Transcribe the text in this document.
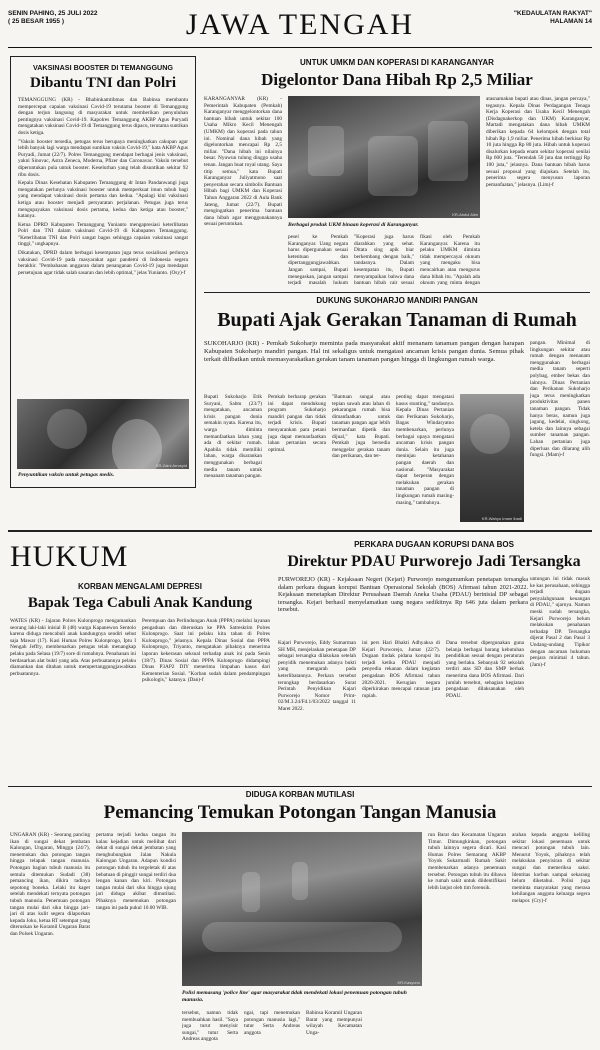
SENIN PAHING, 25 JULI 2022
( 25 BESAR 1955 )	JAWA TENGAH	"KEDAULATAN RAKYAT"
HALAMAN 14
VAKSINASI BOOSTER DI TEMANGGUNG
Dibantu TNI dan Polri

TEMANGGUNG (KR) - Bhabinkamtibmas dan Babinsa membantu mempercepat capaian vaksinasi Covid-19 terutama booster di Temanggung dengan terjun langsung di masyarakat untuk memberikan penyuluhan pentingnya vaksinasi Covid-19. Kapolres Temanggung AKBP Agus Puryadi mengatakan vaksinasi Covid-19 di Temanggung terus dipacu, terutama suntikan dosis ketiga.

"Vaksin booster tersedia, petugas terus berupaya meningkatkan cakupan agar lebih banyak lagi warga mendapat suntikan vaksin Covid-19," kata AKBP Agus Puryadi, Jumat (22/7). Polres Temanggung mendapat berbagai jenis vaksinasi, yakni Sinovac, Astra Zeneca, Moderna, Pfizer dan Coronavac. Vaksin tersebut diperuntukan pula untuk booster. Keselurhan yang telah disuntikan sekitar 92 ribu dosis.

Kepala Dinas Kesehatan Kabupaten Temanggung dr Intan Pandanwangi juga mengatakan perlunya vaksinasi booster untuk memperkuat imun tubuh bagi yang mendapat vaksinasi dosis pertama dan kedua. "Apalagi kini vaksinasi ketiga atau booster menjadi persyaratan perjalanan. Petugas juga terus mengupayakan vaksinasi dosis pertama, kedua dan ketiga atau booster," katanya.

Ketua DPRD Kabupaten Temanggung Yunianto mengapresiasi keterlibatan Polri dan TNI dalam vaksinasi Covid-19 di Kabupaten Temanggung. "Keterlibatan TNI dan Polri sangat bagus sehingga capaian vaksinasi sangat tinggi," ungkapnya.

Dikatakan, DPRD dalam berbagai kesempatan juga terus sosialisasi perlunya vaksinasi Covid-19 pada masyarakat agar pandemi di Indonesia segera berakhir. "Pembahasan anggaran dalam penanganan Covid-19 juga mendapat persetujuan agar tidak salah sasaran dan lebih optimal," jelas Yunianto. (Osy)-f

KR-Zaini Arrosyid
Penyuntikan vaksin untuk petugas medis.
UNTUK UMKM DAN KOPERASI DI KARANGANYAR
Digelontor Dana Hibah Rp 2,5 Miliar

KARANGANYAR (KR) - Pemerintah Kabupaten (Pemkab) Karanganyar menggelontorkan dana bantuan hibah untuk sekitar 100 Usaha Mikro Kecil Menengah (UMKM) dan koperasi pada tahun ini. Nominal dana hibah yang digelontorkan mencapai Rp 2,5 miliar. "Dana hibah ini nilainya besar. Nyuwun tulung dinggo usaha tenan. Jangan buat royal utang. Saya titip semua," kata Bupati Karanganyar Juliyatmono saat penyerahan secara simbolis Bantuan Hibah bagi UMKM dan Koperasi Tahun Anggaran 2022 di Aula Bank Jateng, Jumat (22/7). Bupati mengingatkan penerima bantuan dana hibah agar menggunakannya sesuai peruntukan.

KR-Abdul Alim
Berbagai produk UKM binaan koperasi di Karanganyar.

pesel ke Pemkab Karanganyar. Uang negara harus dipergunakan sesuai ketentuan dan dipertanggungjawabkan. Jangan sampai, Bupati menegaskan, jangan sampai terjadi masalah hukum

"Koperasi juga harus diarahkan yang sehat. Ditata sing apik biar berkembang dengan baik," tandasnya. Dalam kesempatan itu, Bupati menyampaikan bahwa dana bantuan hibah cair sesuai

fikasi oleh Pemkab Karanganyar. Karena itu pelaku UMKM diminta tidak mempercayai oknum yang mengaku bisa mencairkan atau mengurus dana hibah itu. "Apalah ada oknum yang minta dengan

atasnamakan bupati atau dinas, jangan percaya," tegasnya. Kepala Dinas Perdagangan Tenaga Kerja Koperasi dan Usaha Kecil Menengah (Disdagnakerkop dan UKM) Karanganyar, Martadi mengatakan dana hibah UMKM diberikan kepada 64 kelompok dengan total hibah Rp 1,9 miliar. Penerima hibah berkisar Rp 10 juta hingga Rp 80 juta. Hibah untuk koperasi disalurkan kepada enam sekitar koperasi senilai Rp 600 juta. "Terendah 50 juta dan tertinggi Rp 100 juta," jelasnya. Dana bantuan hibah harus sesuai proposal yang diajukan. Setelah itu, penerima segera menyusun laporan pemanfaatan," jelasnya. (Lim)-f

DUKUNG SUKOHARJO MANDIRI PANGAN
Bupati Ajak Gerakan Tanaman di Rumah

SUKOHARJO (KR) - Pemkab Sukoharjo meminta pada masyarakat aktif menanam tanaman pangan dengan harapan Kabupaten Sukoharjo mandiri pangan. Hal ini sekaligus untuk mengatasi ancaman krisis pangan dunia. Semua pihak terkait dilibatkan untuk memasyarakatkan gerakan tanam tanaman pangan hingga di lingkungan rumah warga.

Bupati Sukoharjo Etik Suryani, Sabtu (23/7) mengatakan, ancaman krisis pangan dunia semakin nyata. Karena itu, warga diminta memanfaatkan lahan yang ada di sekitar rumah. Apabila tidak memiliki lahan, warga disarankan menggunakan berbagai media tanam untuk menanam tanaman pangan.

Pemkab berharap gerakan ini dapat mendukung program Sukoharjo mandiri pangan dan tidak terjadi krisis. Bupati menyarankan para petani juga dapat memanfaatkan lahan pertanian secara optimal.

"Bantuan sungai atau tepian sawah atau lahan di pekarangan rumah bisa dimanfaatkan untuk tanaman pangan agar lebih bermanfaat dipetik dan dijual," kata Bupati. Pemkab juga bersedia menggelar gerakan tanam dan perikanan, dan ter-

penting dapat mengatasi kasus stunting," tandasnya. Kepala Dinas Pertanian dan Perikanan Sukoharjo, Bagas Windaryatno membenarkan, perlunya berbagai upaya mengatasi ancaman krisis pangan dunia. Selain itu juga meninjau ketahanan pangan daerah dan nasional. "Masyarakat dapat berperan dengan melakukan gerakan tanaman pangan di lingkungan rumah masing-masing," tambahnya.

pangan. Minimal di lingkungan sekitar atau rumah dengan menanam menggunakan berbagai media tanam seperti polybag, ember bekas dan lainnya. Dinas Pertanian dan Perikanan Sukoharjo juga terus meningkatkan produktivitas panen tanaman pangan. Tidak hanya beras, namun juga jagung, kedelai, singkong, ketela dan lainnya sebagai sumber tanaman pangan. Lahan pertanian juga diperluas dan dilarang alih fungsi. (Mam)-f

KR-Wahyu Imam Ibadi
HUKUM
KORBAN MENGALAMI DEPRESI
Bapak Tega Cabuli Anak Kandung

WATES (KR) - Jajaran Polres Kulonprogo mengamankan seorang laki-laki inisial B (48) warga Kapanewon Sentolo karena diduga mencabuli anak kandungnya sendiri sebut saja Mawar (17). Kasi Humas Polres Kulonprogo, Iptu I Nengah Jeffry, membenarkan petugas telah menangkap pelaku pada Selasa (19/7) sore di rumahnya. Penahanan ini berdasarkan alat bukti yang ada. Atas perbuatannya pelaku diamankan dan ditahan untuk mempertanggungjawabkan perbuatannya.

Perempuan dan Perlindungan Anak (PPPA) melalui layanan pengaduan dan diteruskan ke PPA Satreskrim Polres Kulonprogo. Saat ini pelaku kita tahan di Polres Kulonprogo," jelasnya. Kepala Dinas Sosial dan PPPA Kulonprogo, Triyanto, mengatakan pihaknya menerima laporan kekerasan seksual terhadap anak ini pada Senin (18/7). Dinas Sosial dan PPPA Kulonprogo didampingi Dinas P3AP2 DIY menerima limpahan kasus dari Kementerian Sosial. "Korban sudah dalam pendampingan psikologis," katanya. (Dan)-f

PERKARA DUGAAN KORUPSI DANA BOS
Direktur PDAU Purworejo Jadi Tersangka

PURWOREJO (KR) - Kejaksaan Negeri (Kejari) Purworejo mengumumkan penetapan tersangka dalam perkara dugaan korupsi Bantuan Operasional Sekolah (BOS) Afirmasi tahun 2021-2022. Kejaksaan menetapkan Direktur Perusahaan Daerah Aneka Usaha (PDAU) berinisial DP sebagai tersangka. Kejari berhasil menyelamatkan uang negara sedikitnya Rp 646 juta dalam perkara tersebut.

Kajari Purworejo, Eddy Sumarman SH MH, menjelaskan penetapan DP sebagai tersangka dilakukan setelah penyidik menemukan adanya bukti yang mengarah pada keterlibatannya. Perkara tersebut terungkap berdasarkan Surat Perintah Penyidikan Kajari Purworejo Nomor Print-02/M.3.24/Fd.1/03/2022 tanggal 11 Maret 2022.

ini pers Hari Bhakti Adhyaksa di Kejari Purworejo, Jumat (22/7). Dugaan tindak pidana korupsi itu terjadi ketika PDAU menjadi penyedia rekanan dalam kegiatan pengadaan BOS Afirmasi tahun 2020-2021. Kerugian negara diperkirakan mencapai ratusan juta rupiah.

Dana tersebut dipergunakan guna belanja berbagai barang kebutuhan pendidikan sesuai dengan peraturan yang berlaku. Sebanyak 92 sekolah terdiri atas SD dan SMP berhak menerima dana BOS Afirmasi. Dari jumlah tersebut, sebagian kegiatan pengadaan dilaksanakan oleh PDAU.

untungan ini tidak masuk ke kas perusahaan, sehingga terjadi dugaan penyalahgunaan keuangan di PDAU," ujarnya. Namun meski sudah tersangka, Kejari Purworejo belum melakukan penahanan terhadap DP. Tersangka dijerat Pasal 2 dan Pasal 3 Undang-undang Tipikor dengan ancaman hukuman penjara minimal 4 tahun. (Jam)-f

DIDUGA KORBAN MUTILASI
Pemancing Temukan Potongan Tangan Manusia

UNGARAN (KR) - Seorang pancing ikan di sungai dekat jembatan Kalongan, Ungaran, Minggu (24/7), menemukan dua potongan tangan hingga telapak tangan manusia. Potongan bagian tubuh manusia itu semula ditemukan Sudadi (38) pemancing ikan, dikira tadinya sepotong boneka. Lelaki itu kaget setelah mendekati ternyata potongan tubuh manusia. Penemuan potongan tangan mulai dari siku hingga jari-jari di atas kulit segera dilaporkan kepada Joko, ketua RT setempat yang diteruskan ke Koramil Ungaran Barat dan Polsek Ungaran.

pertama terjadi kedua tangan itu kalau kejadian untuk meliihat dari dekat di sungai dekat jembatan yang menghubungkan Jalan Nakula Kalongan Ungaran. Adapun kondisi potongan tubuh itu tergeletak di atas bebatuan di pinggir sungai terdiri dua lengan kanan dan kiri. Potongan tangan mulai dari siku hingga ujung jari diduga akibat dimutilasi. Pihaknya menemukan potongan tangan ini pada pukul 10.00 WIB.

KR-Kasyono
Polisi memasang 'police line' agar masyarakat tidak mendekati lokasi penemuan potongan tubuh manusia.

tersebut, namun tidak membuahkan hasil. "Saya juga turut menyisir sungai," tutur Serta Andreas anggota

ngai, tapi menemukan potongan manusia lagi," tutur Serta Andreas anggota

Babinsa Koramil Ungaran Barat yang mempunyai wilayah Kecamatan Unga-

run Barat dan Kecamatan Ungaran Timur. Dimungkinkan, potongan tubuh lainnya segera dicari. Kasi Humas Polres Semarang AKBP Yoyok Sukarmadi Rumah Sakit membenarkan adanya penemuan tersebut. Potongan tubuh itu dibawa ke rumah sakit untuk diidentifikasi lebih lanjut oleh tim forensik.

arahan kepada anggota keliling sekitar lokasi penemuan untuk mencari potongan tubuh lain. Menurut Yoyok, pihaknya telah melakukan penyisiran di sekitar sungai dan memeriksa saksi. Identitas korban sampai sekarang belum diketahui. Polisi juga meminta masyarakat yang merasa kehilangan anggota keluarga segera melapor. (Cry)-f
